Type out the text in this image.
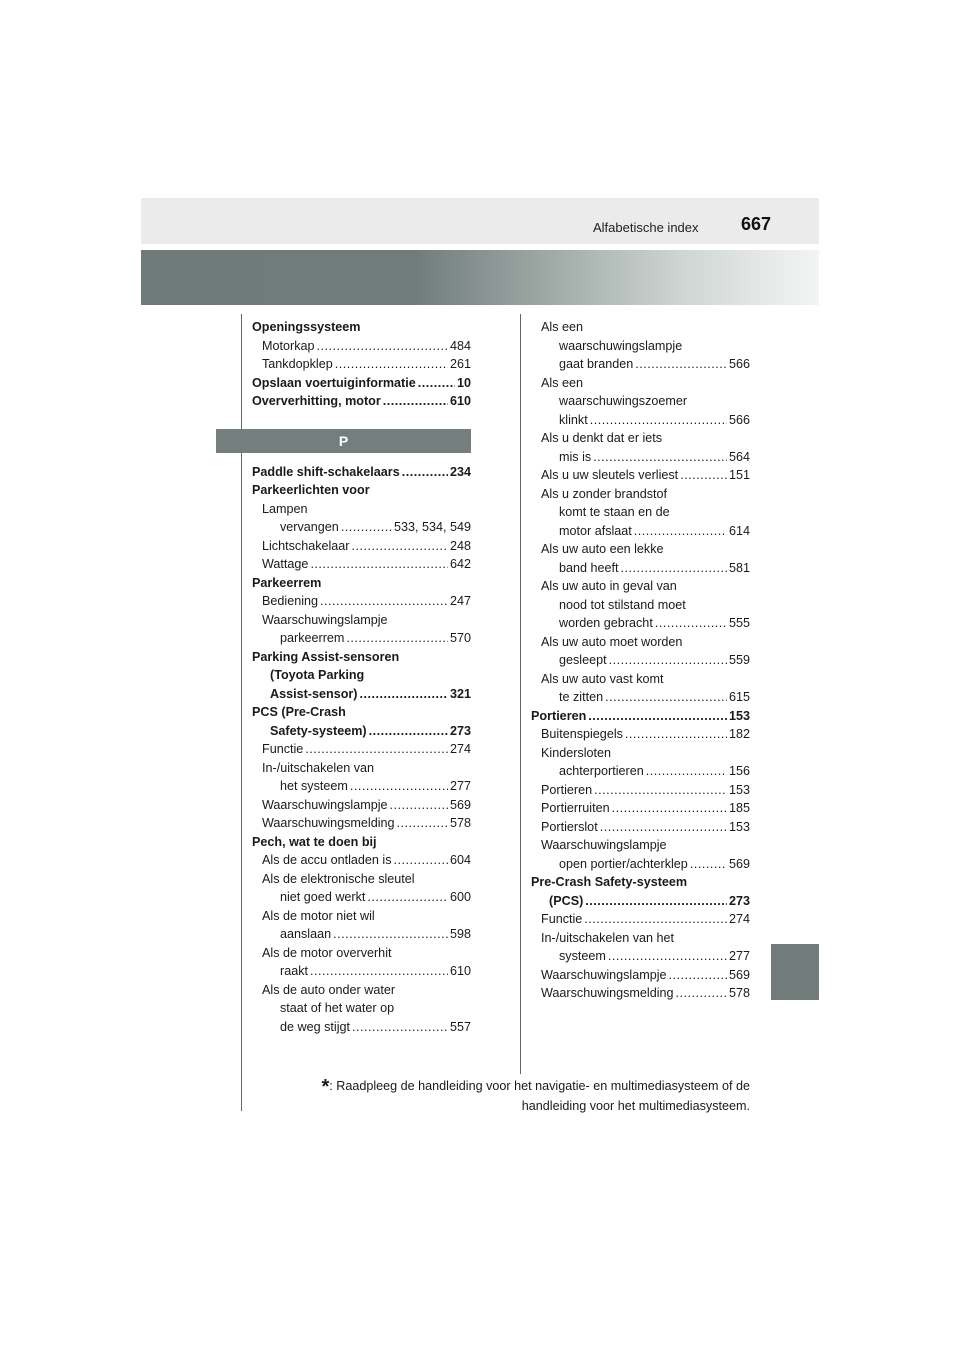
Alfabetische index 667
Openingssysteem
Motorkap .....	484
Tankdopklep .....	261
Opslaan voertuiginformatie .....	10
Oververhitting, motor .....	610
P
Paddle shift-schakelaars .....	234
Parkeerlichten voor
Lampen
vervangen .....	533, 534, 549
Lichtschakelaar .....	248
Wattage .....	642
Parkeerrem
Bediening .....	247
Waarschuwingslampje
parkeerrem .....	570
Parking Assist-sensoren
(Toyota Parking
Assist-sensor) .....	321
PCS (Pre-Crash
Safety-systeem) .....	273
Functie .....	274
In-/uitschakelen van
het systeem .....	277
Waarschuwingslampje .....	569
Waarschuwingsmelding .....	578
Pech, wat te doen bij
Als de accu ontladen is .....	604
Als de elektronische sleutel
niet goed werkt .....	600
Als de motor niet wil
aanslaan .....	598
Als de motor oververhit
raakt .....	610
Als de auto onder water
staat of het water op
de weg stijgt .....	557
Als een
waarschuwingslampje
gaat branden .....	566
Als een
waarschuwingszoemer
klinkt .....	566
Als u denkt dat er iets
mis is .....	564
Als u uw sleutels verliest .....	151
Als u zonder brandstof
komt te staan en de
motor afslaat .....	614
Als uw auto een lekke
band heeft .....	581
Als uw auto in geval van
nood tot stilstand moet
worden gebracht .....	555
Als uw auto moet worden
gesleept .....	559
Als uw auto vast komt
te zitten .....	615
Portieren .....	153
Buitenspiegels .....	182
Kindersloten
achterportieren .....	156
Portieren .....	153
Portierruiten .....	185
Portierslot .....	153
Waarschuwingslampje
open portier/achterklep .....	569
Pre-Crash Safety-systeem
(PCS) .....	273
Functie .....	274
In-/uitschakelen van het
systeem .....	277
Waarschuwingslampje .....	569
Waarschuwingsmelding .....	578
*: Raadpleeg de handleiding voor het navigatie- en multimediasysteem of de
handleiding voor het multimediasysteem.
